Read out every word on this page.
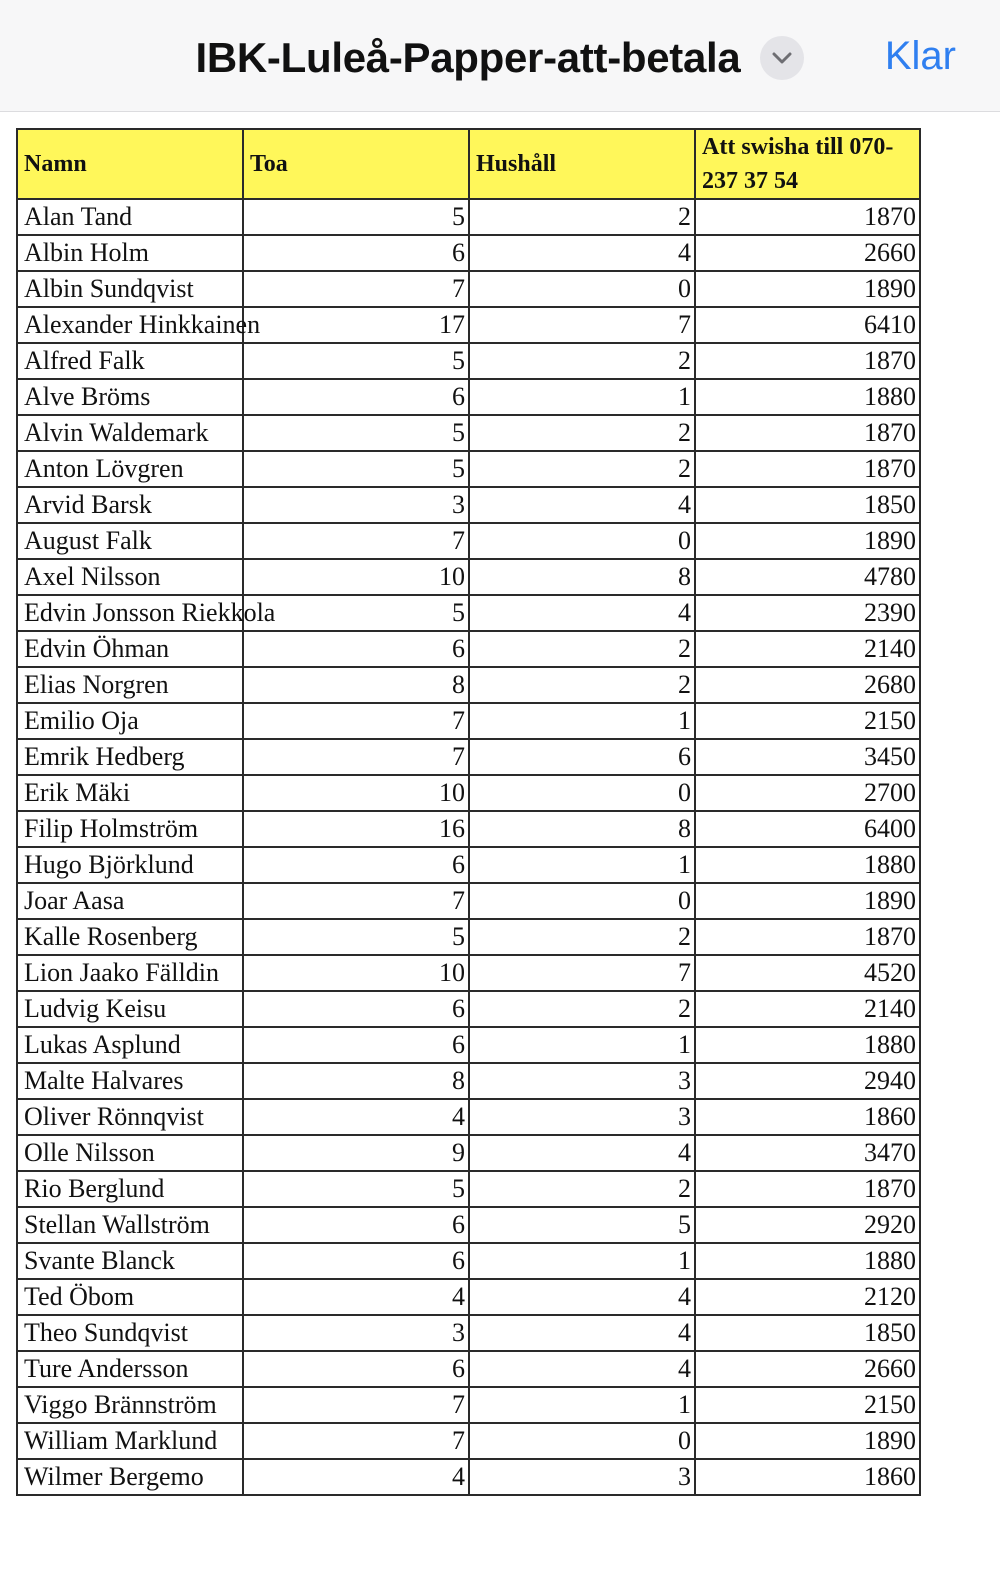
IBK-Luleå-Papper-att-betala	Klar
Namn	Toa	Hushåll	Att swisha till 070-237 37 54
Alan Tand	5	2	1870
Albin Holm	6	4	2660
Albin Sundqvist	7	0	1890
Alexander Hinkkainen	17	7	6410
Alfred Falk	5	2	1870
Alve Bröms	6	1	1880
Alvin Waldemark	5	2	1870
Anton Lövgren	5	2	1870
Arvid Barsk	3	4	1850
August Falk	7	0	1890
Axel Nilsson	10	8	4780
Edvin Jonsson Riekkola	5	4	2390
Edvin Öhman	6	2	2140
Elias Norgren	8	2	2680
Emilio Oja	7	1	2150
Emrik Hedberg	7	6	3450
Erik Mäki	10	0	2700
Filip Holmström	16	8	6400
Hugo Björklund	6	1	1880
Joar Aasa	7	0	1890
Kalle Rosenberg	5	2	1870
Lion Jaako Fälldin	10	7	4520
Ludvig Keisu	6	2	2140
Lukas Asplund	6	1	1880
Malte Halvares	8	3	2940
Oliver Rönnqvist	4	3	1860
Olle Nilsson	9	4	3470
Rio Berglund	5	2	1870
Stellan Wallström	6	5	2920
Svante Blanck	6	1	1880
Ted Öbom	4	4	2120
Theo Sundqvist	3	4	1850
Ture Andersson	6	4	2660
Viggo Brännström	7	1	2150
William Marklund	7	0	1890
Wilmer Bergemo	4	3	1860
